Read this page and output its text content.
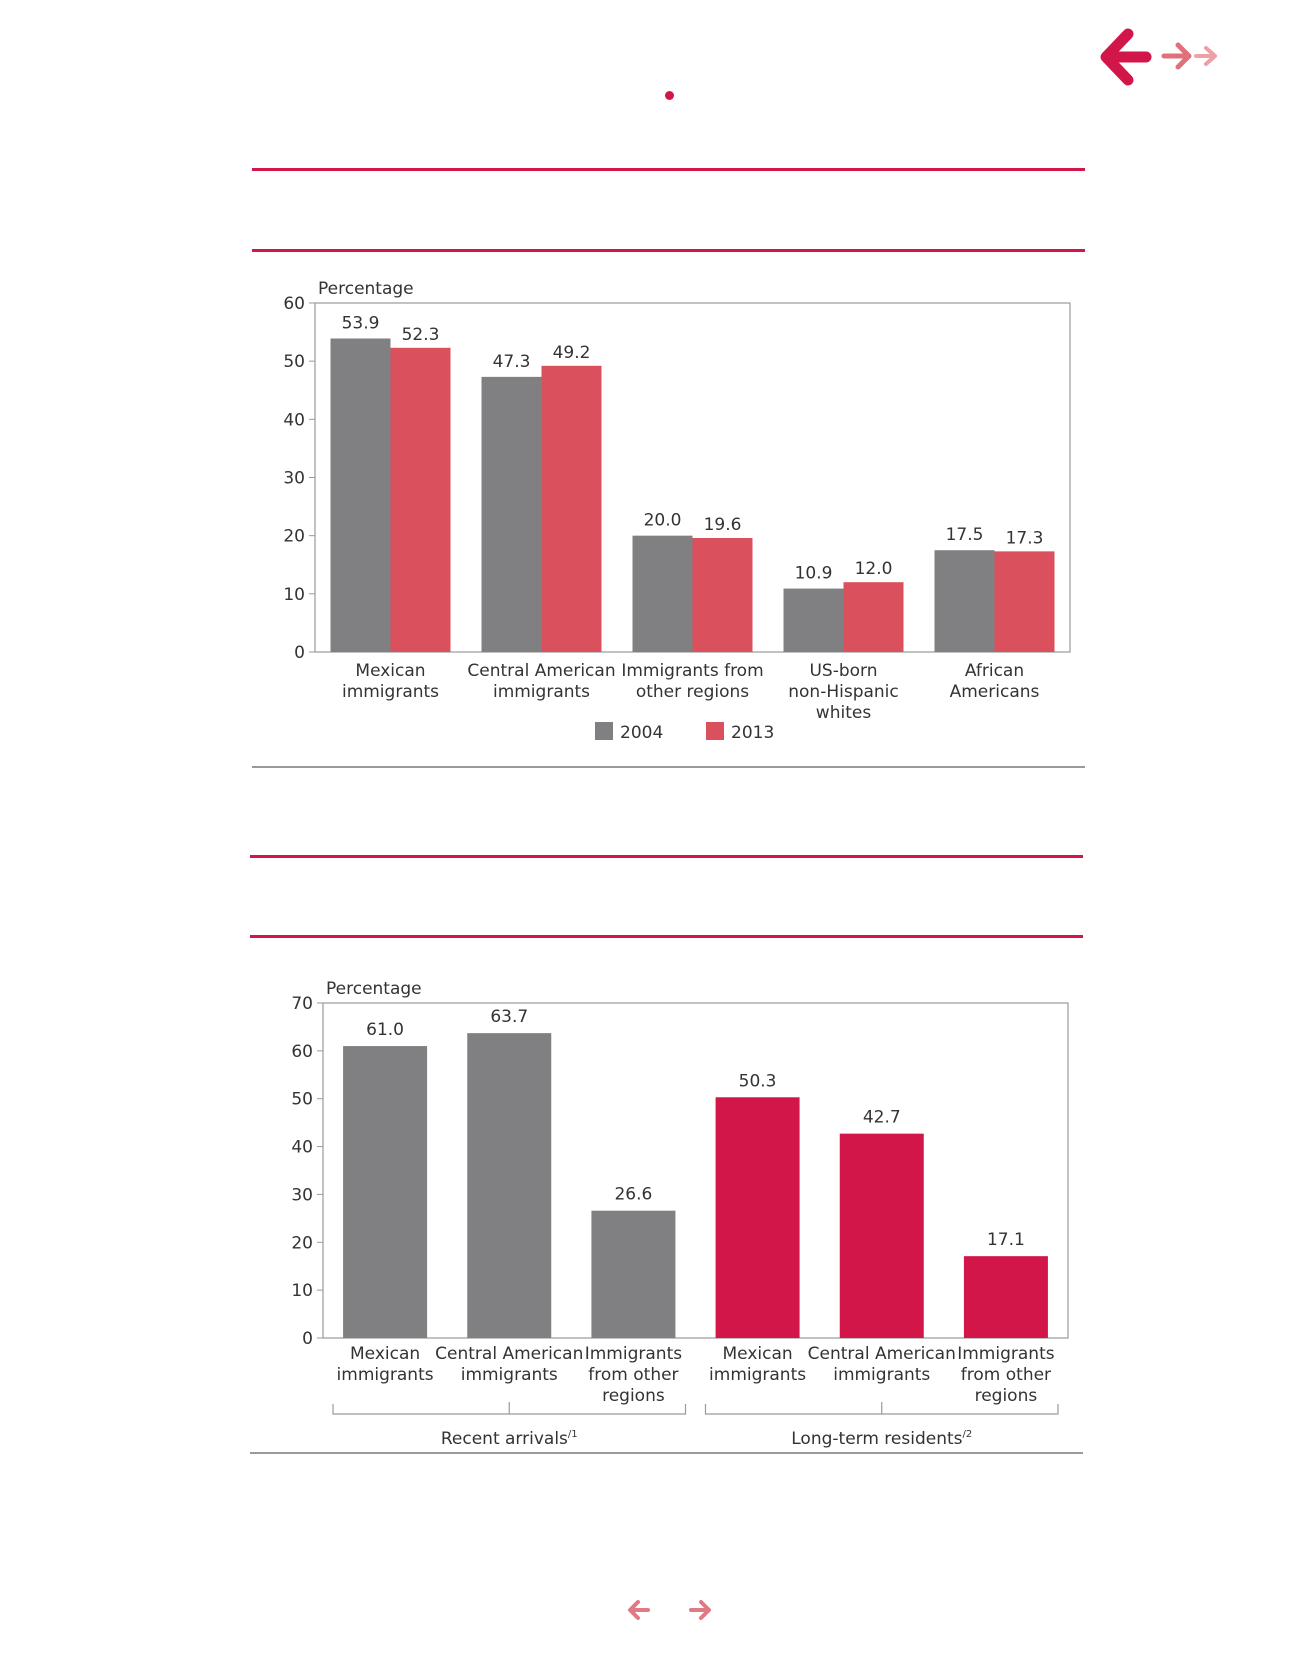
0
10
20
30
40
50
60
Percentage
53.9
52.3
Mexican
immigrants
47.3 49.2
Central American
immigrants
20.0 19.6
Immigrants from
other regions
10.9 12.0
US-born
non-Hispanic
whites
17.5 17.3
African
Americans
2004	2013
0
10
20
30
40
50
60
70
Percentage
61.0
Mexican
immigrants
63.7
Central American
immigrants
26.6
Immigrants
from other
regions
50.3
Mexican
immigrants
42.7
Central American
immigrants
17.1
Immigrants
from other
regions
Recent arrivals$^{/1}$	Long-term residents$^{/2}$
